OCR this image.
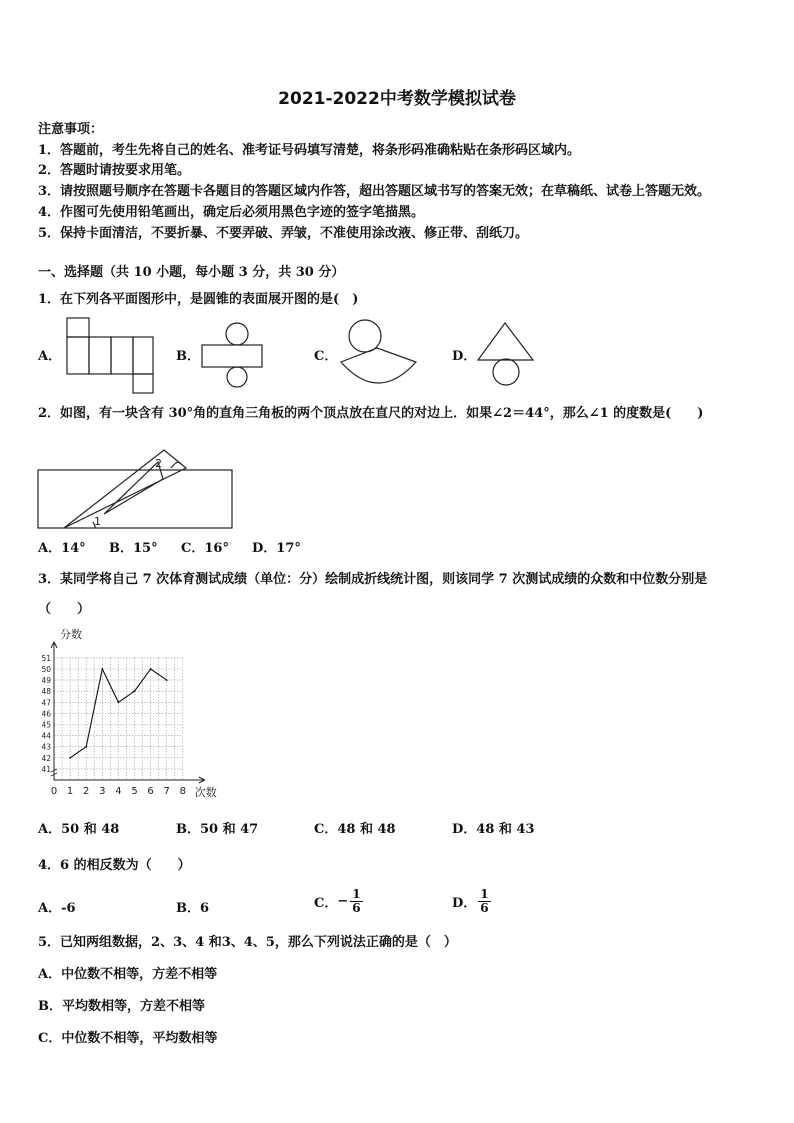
2021-2022中考数学模拟试卷
注意事项：
1．答题前，考生先将自己的姓名、准考证号码填写清楚，将条形码准确粘贴在条形码区域内。
2．答题时请按要求用笔。
3．请按照题号顺序在答题卡各题目的答题区域内作答，超出答题区域书写的答案无效；在草稿纸、试卷上答题无效。
4．作图可先使用铅笔画出，确定后必须用黑色字迹的签字笔描黑。
5．保持卡面清洁，不要折暴、不要弄破、弄皱，不准使用涂改液、修正带、刮纸刀。
一、选择题（共 10 小题，每小题 3 分，共 30 分）
1．在下列各平面图形中，是圆锥的表面展开图的是(　)
A．	B．	C．	D．
2．如图，有一块含有 30°角的直角三角板的两个顶点放在直尺的对边上．如果∠2＝44°，那么∠1 的度数是(　　)
2
1
A．14° B．15° C．16° D．17°
3．某同学将自己 7 次体育测试成绩（单位：分）绘制成折线统计图，则该同学 7 次测试成绩的众数和中位数分别是
（　　）
0 1 2 3 4 5 6 7 8
41
42
43
44
45
46
47
48
49
50
51
分数
次数
A．50 和 48	B．50 和 47	C．48 和 48	D．48 和 43
4．6 的相反数为（　　）
A．-6	B．6	C． − $\frac{1}{6}$	D． $\frac{1}{6}$
5．已知两组数据，2、3、4 和3、4、5，那么下列说法正确的是（　）
A．中位数不相等，方差不相等
B．平均数相等，方差不相等
C．中位数不相等，平均数相等
